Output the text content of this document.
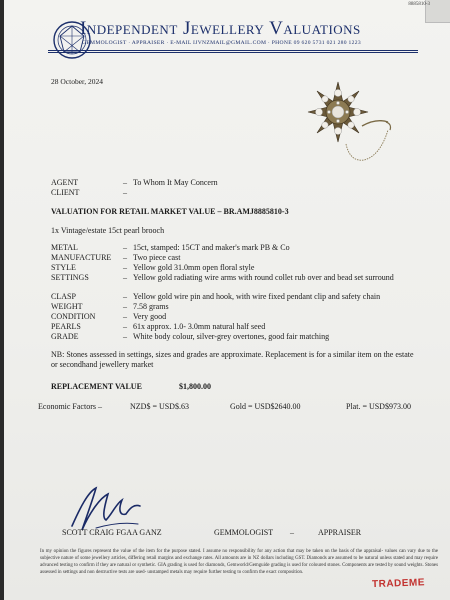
8885810-3
Independent Jewellery Valuations
GEMMOLOGIST · APPRAISER · E-MAIL IJVNZMAIL@GMAIL.COM · PHONE 09 620 5731 021 280 1223
28 October, 2024
AGENT	– To Whom It May Concern
CLIENT	–
VALUATION FOR RETAIL MARKET VALUE – BR.AMJ8885810-3
1x Vintage/estate 15ct pearl brooch
METAL	– 15ct, stamped: 15CT and maker's mark PB & Co
MANUFACTURE – Two piece cast
STYLE	– Yellow gold 31.0mm open floral style
SETTINGS	– Yellow gold radiating wire arms with round collet rub over and bead set surround
CLASP	– Yellow gold wire pin and hook, with wire fixed pendant clip and safety chain
WEIGHT	– 7.58 grams
CONDITION	– Very good
PEARLS	– 61x approx. 1.0- 3.0mm natural half seed
GRADE	– White body colour, silver-grey overtones, good fair matching
NB: Stones assessed in settings, sizes and grades are approximate. Replacement is for a similar item on the estate or secondhand jewellery market
REPLACEMENT VALUE	$1,800.00
Economic Factors –	NZD$ = USD$.63	Gold = USD$2640.00	Plat. = USD$973.00
SCOTT CRAIG FGAA GANZ	GEMMOLOGIST –	APPRAISER
In my opinion the figures represent the value of the item for the purpose stated. I assume no responsibility for any action that may be taken on the basis of the appraisal- values can vary due to the subjective nature of some jewellery articles, differing retail margins and exchange rates. All amounts are in NZ dollars including GST. Diamonds are assumed to be natural unless stated and may require advanced testing to confirm if they are natural or synthetic. GIA grading is used for diamonds, Gemworld/Gemguide grading is used for coloured stones. Components are tested by sound weights. Stones assessed in settings and non destructive tests are used- unstamped metals may require further testing to confirm the exact composition.
TRADEME
